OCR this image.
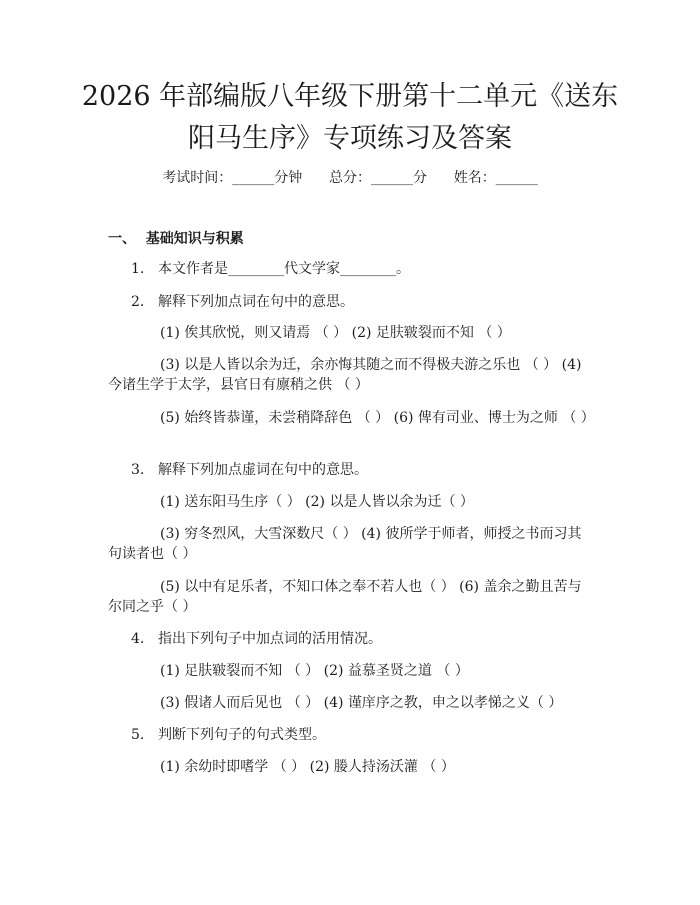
2026 年部编版八年级下册第十二单元《送东
阳马生序》专项练习及答案
考试时间：______分钟      总分：______分      姓名：______
一、  基础知识与积累
1. 本文作者是________代文学家________。
2. 解释下列加点词在句中的意思。
(1) 俟其欣悦，则又请焉 （ ） (2) 足肤皲裂而不知 （ ）
(3) 以是人皆以余为迁，余亦悔其随之而不得极夫游之乐也 （ ） (4) 今诸生学于太学，县官日有廪稍之供 （ ）
(5) 始终皆恭谨，未尝稍降辞色 （ ） (6) 俾有司业、博士为之师 （ ）
3. 解释下列加点虚词在句中的意思。
(1) 送东阳马生序（ ） (2) 以是人皆以余为迁（ ）
(3) 穷冬烈风，大雪深数尺（ ） (4) 彼所学于师者，师授之书而习其句读者也（ ）
(5) 以中有足乐者，不知口体之奉不若人也（ ） (6) 盖余之勤且苦与尔同之乎（ ）
4. 指出下列句子中加点词的活用情况。
(1) 足肤皲裂而不知 （ ） (2) 益慕圣贤之道 （ ）
(3) 假诸人而后见也 （ ） (4) 谨庠序之教，申之以孝悌之义（ ）
5. 判断下列句子的句式类型。
(1) 余幼时即嗜学 （ ） (2) 媵人持汤沃灌 （ ）
